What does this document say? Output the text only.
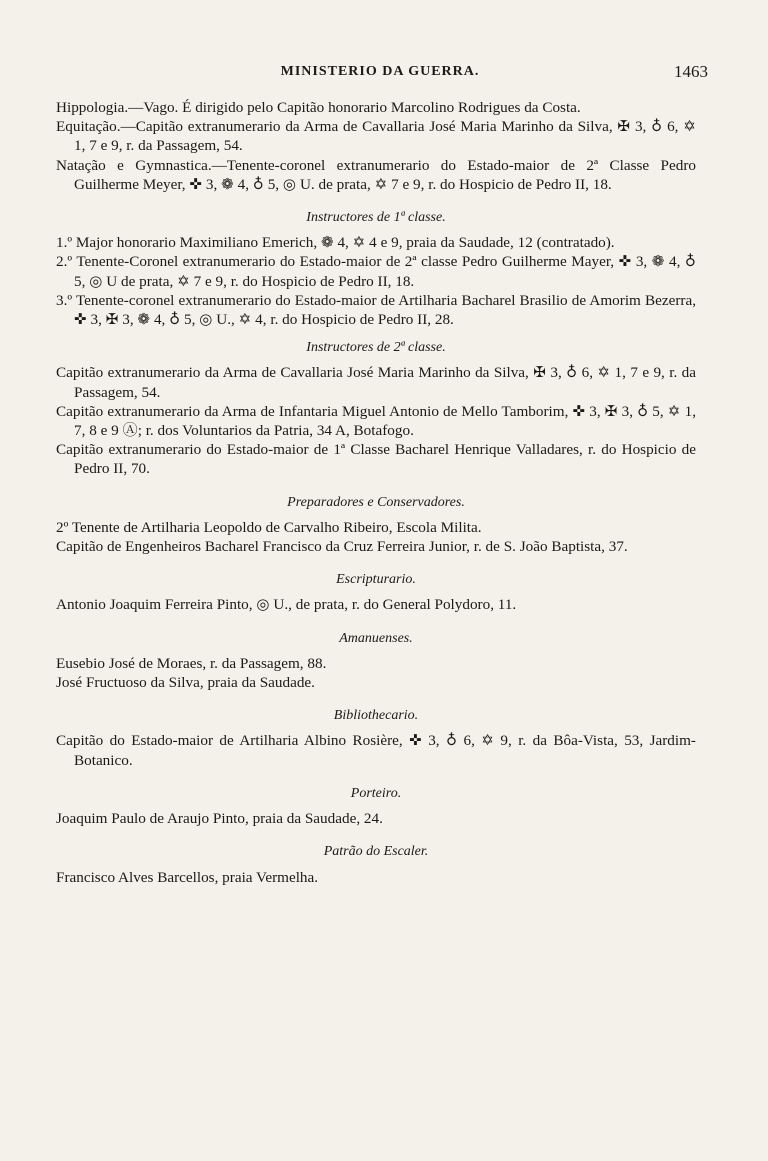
MINISTERIO DA GUERRA.	1463

Hippologia.—Vago. É dirigido pelo Capitão honorario Marcolino Rodrigues da Costa.

Equitação.—Capitão extranumerario da Arma de Cavallaria José Maria Marinho da Silva, ✠ 3, ♁ 6, ✡ 1, 7 e 9, r. da Passagem, 54.

Natação e Gymnastica.—Tenente-coronel extranumerario do Estado-maior de 2ª Classe Pedro Guilherme Meyer, ✜ 3, ❁ 4, ♁ 5, ◎ U. de prata, ✡ 7 e 9, r. do Hospicio de Pedro II, 18.

Instructores de 1ª classe.

1.º Major honorario Maximiliano Emerich, ❁ 4, ✡ 4 e 9, praia da Saudade, 12 (contratado).

2.º Tenente-Coronel extranumerario do Estado-maior de 2ª classe Pedro Guilherme Mayer, ✜ 3, ❁ 4, ♁ 5, ◎ U de prata, ✡ 7 e 9, r. do Hospicio de Pedro II, 18.

3.º Tenente-coronel extranumerario do Estado-maior de Artilharia Bacharel Brasilio de Amorim Bezerra, ✜ 3, ✠ 3, ❁ 4, ♁ 5, ◎ U., ✡ 4, r. do Hospicio de Pedro II, 28.

Instructores de 2ª classe.

Capitão extranumerario da Arma de Cavallaria José Maria Marinho da Silva, ✠ 3, ♁ 6, ✡ 1, 7 e 9, r. da Passagem, 54.

Capitão extranumerario da Arma de Infantaria Miguel Antonio de Mello Tamborim, ✜ 3, ✠ 3, ♁ 5, ✡ 1, 7, 8 e 9 Ⓐ; r. dos Voluntarios da Patria, 34 A, Botafogo.

Capitão extranumerario do Estado-maior de 1ª Classe Bacharel Henrique Valladares, r. do Hospicio de Pedro II, 70.

Preparadores e Conservadores.

2º Tenente de Artilharia Leopoldo de Carvalho Ribeiro, Escola Milita.

Capitão de Engenheiros Bacharel Francisco da Cruz Ferreira Junior, r. de S. João Baptista, 37.

Escripturario.

Antonio Joaquim Ferreira Pinto, ◎ U., de prata, r. do General Polydoro, 11.

Amanuenses.

Eusebio José de Moraes, r. da Passagem, 88.

José Fructuoso da Silva, praia da Saudade.

Bibliothecario.

Capitão do Estado-maior de Artilharia Albino Rosière, ✜ 3, ♁ 6, ✡ 9, r. da Bôa-Vista, 53, Jardim-Botanico.

Porteiro.

Joaquim Paulo de Araujo Pinto, praia da Saudade, 24.

Patrão do Escaler.

Francisco Alves Barcellos, praia Vermelha.
